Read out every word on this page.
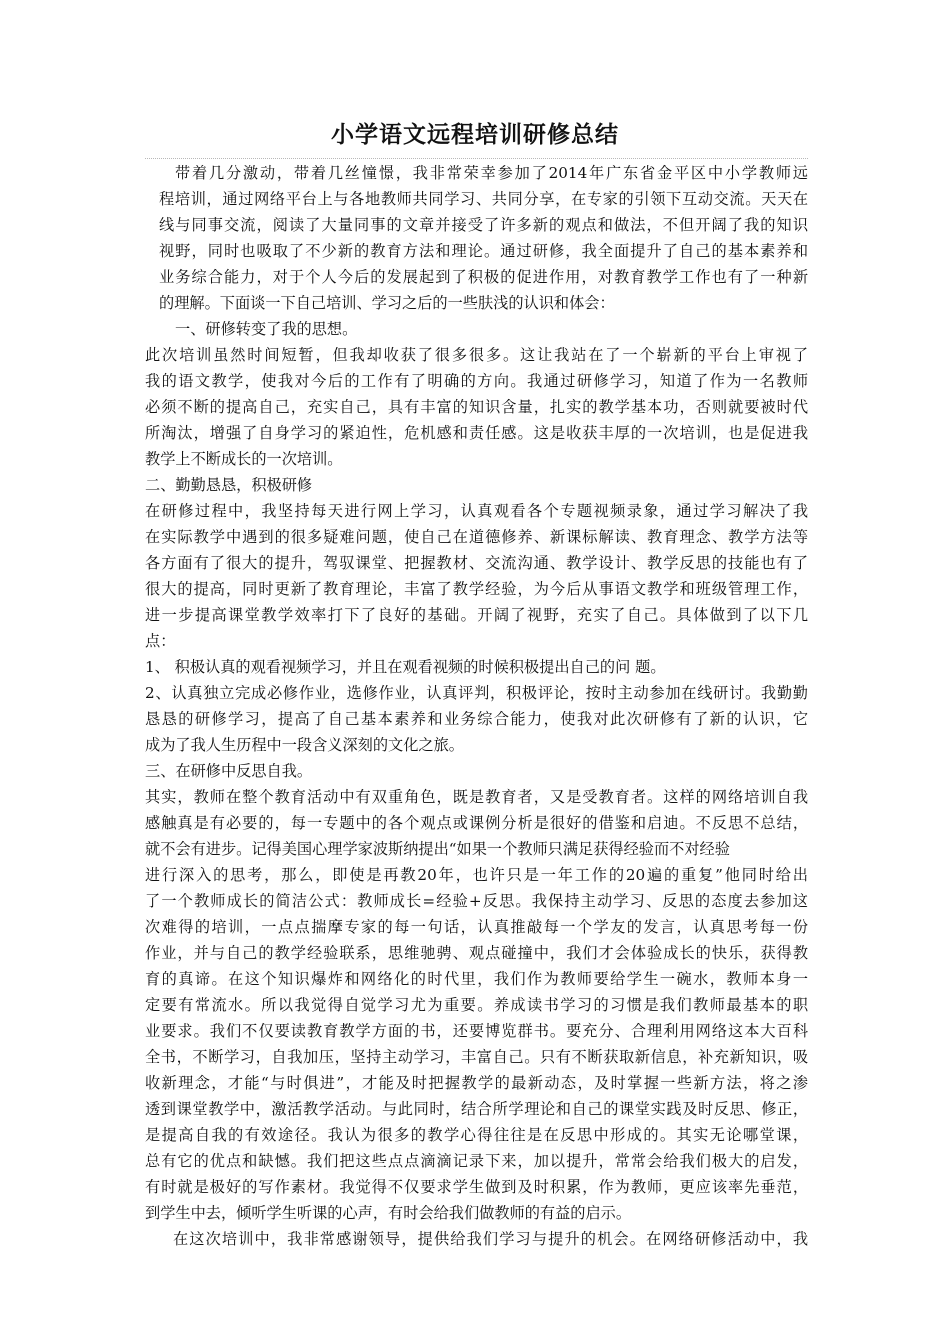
小学语文远程培训研修总结
带着几分激动，带着几丝憧憬，我非常荣幸参加了2014年广东省金平区中小学教师远
程培训，通过网络平台上与各地教师共同学习、共同分享，在专家的引领下互动交流。天天在
线与同事交流，阅读了大量同事的文章并接受了许多新的观点和做法，不但开阔了我的知识
视野，同时也吸取了不少新的教育方法和理论。通过研修，我全面提升了自己的基本素养和
业务综合能力，对于个人今后的发展起到了积极的促进作用，对教育教学工作也有了一种新
的理解。下面谈一下自己培训、学习之后的一些肤浅的认识和体会：
一、研修转变了我的思想。
此次培训虽然时间短暂，但我却收获了很多很多。这让我站在了一个崭新的平台上审视了
我的语文教学，使我对今后的工作有了明确的方向。我通过研修学习，知道了作为一名教师
必须不断的提高自己，充实自己，具有丰富的知识含量，扎实的教学基本功，否则就要被时代
所淘汰，增强了自身学习的紧迫性，危机感和责任感。这是收获丰厚的一次培训，也是促进我
教学上不断成长的一次培训。
二、勤勤恳恳，积极研修
在研修过程中，我坚持每天进行网上学习，认真观看各个专题视频录象，通过学习解决了我
在实际教学中遇到的很多疑难问题，使自己在道德修养、新课标解读、教育理念、教学方法等
各方面有了很大的提升，驾驭课堂、把握教材、交流沟通、教学设计、教学反思的技能也有了
很大的提高，同时更新了教育理论，丰富了教学经验，为今后从事语文教学和班级管理工作，
进一步提高课堂教学效率打下了良好的基础。开阔了视野，充实了自己。具体做到了以下几
点：
1、 积极认真的观看视频学习，并且在观看视频的时候积极提出自己的问 题。
2、认真独立完成必修作业，选修作业，认真评判，积极评论，按时主动参加在线研讨。我勤勤
恳恳的研修学习，提高了自己基本素养和业务综合能力，使我对此次研修有了新的认识，它
成为了我人生历程中一段含义深刻的文化之旅。
三、在研修中反思自我。
其实，教师在整个教育活动中有双重角色，既是教育者，又是受教育者。这样的网络培训自我
感触真是有必要的，每一专题中的各个观点或课例分析是很好的借鉴和启迪。不反思不总结，
就不会有进步。记得美国心理学家波斯纳提出“如果一个教师只满足获得经验而不对经验
进行深入的思考，那么，即使是再教20年，也许只是一年工作的20遍的重复”他同时给出
了一个教师成长的简洁公式：教师成长=经验+反思。我保持主动学习、反思的态度去参加这
次难得的培训，一点点揣摩专家的每一句话，认真推敲每一个学友的发言，认真思考每一份
作业，并与自己的教学经验联系，思维驰骋、观点碰撞中，我们才会体验成长的快乐，获得教
育的真谛。在这个知识爆炸和网络化的时代里，我们作为教师要给学生一碗水，教师本身一
定要有常流水。所以我觉得自觉学习尤为重要。养成读书学习的习惯是我们教师最基本的职
业要求。我们不仅要读教育教学方面的书，还要博览群书。要充分、合理利用网络这本大百科
全书，不断学习，自我加压，坚持主动学习，丰富自己。只有不断获取新信息，补充新知识，吸
收新理念，才能“与时俱进”，才能及时把握教学的最新动态，及时掌握一些新方法，将之渗
透到课堂教学中，激活教学活动。与此同时，结合所学理论和自己的课堂实践及时反思、修正，
是提高自我的有效途径。我认为很多的教学心得往往是在反思中形成的。其实无论哪堂课，
总有它的优点和缺憾。我们把这些点点滴滴记录下来，加以提升，常常会给我们极大的启发，
有时就是极好的写作素材。我觉得不仅要求学生做到及时积累，作为教师，更应该率先垂范，
到学生中去，倾听学生听课的心声，有时会给我们做教师的有益的启示。
在这次培训中，我非常感谢领导，提供给我们学习与提升的机会。在网络研修活动中，我
